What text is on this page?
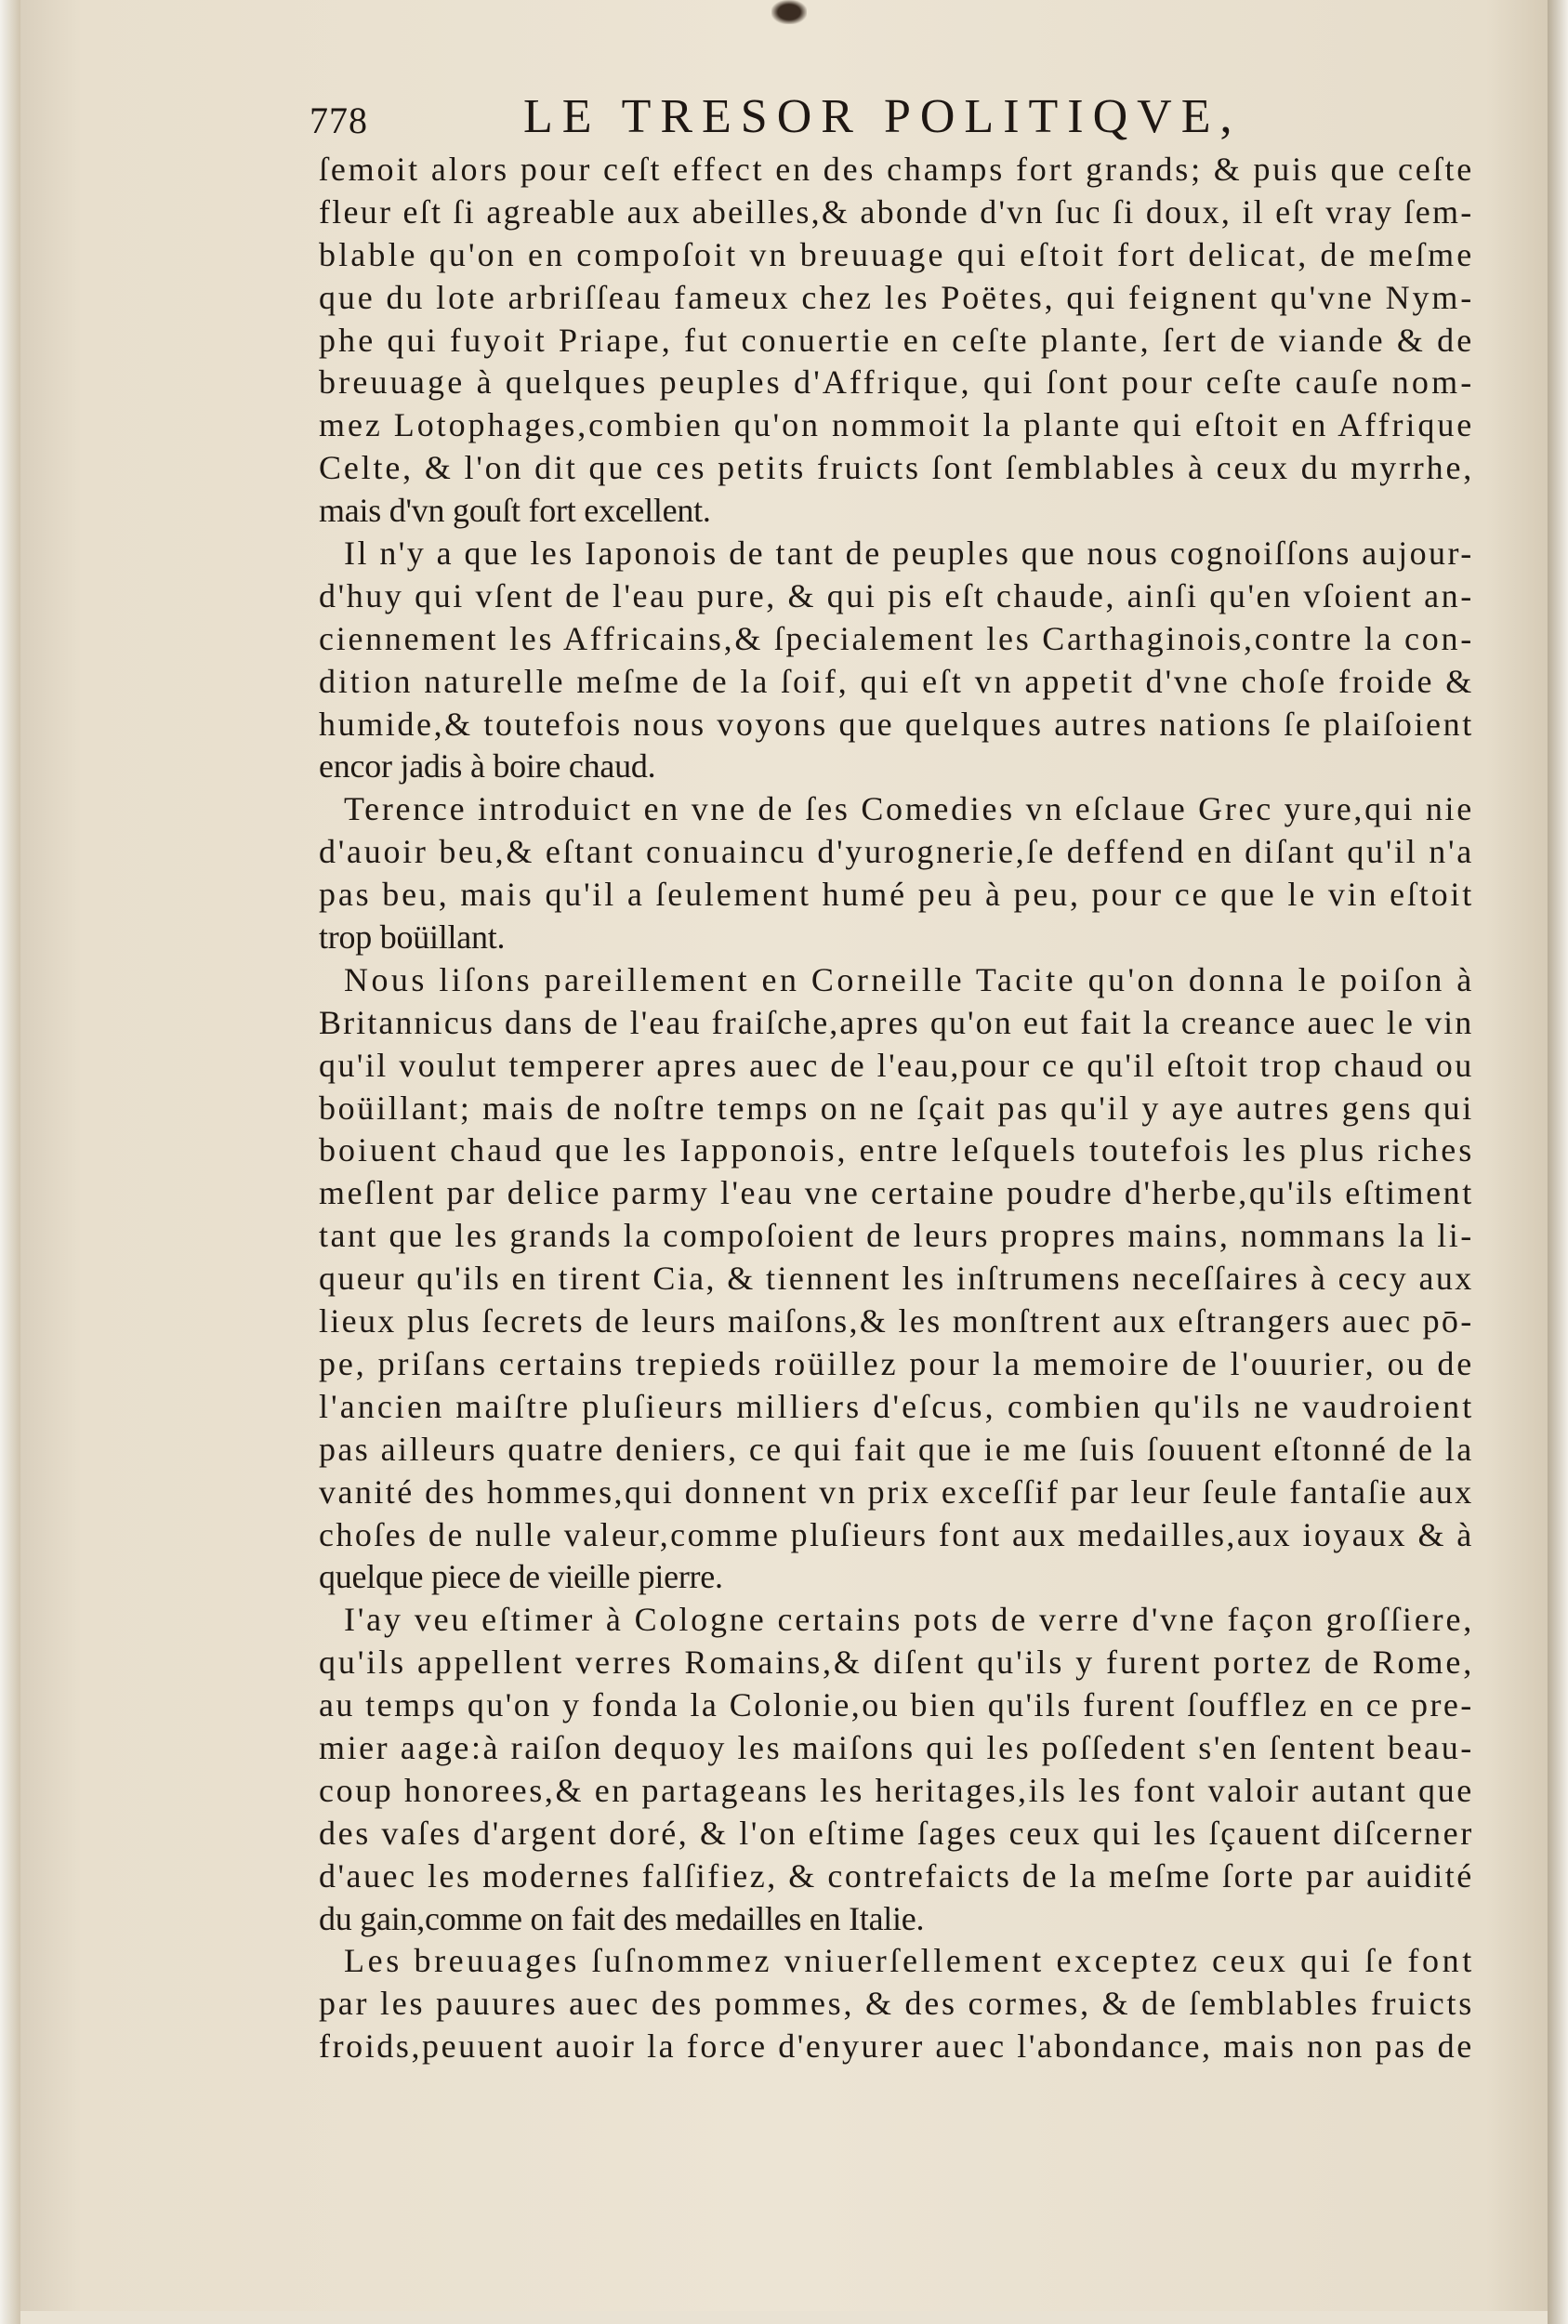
778	LE TRESOR POLITIQVE,
ſemoit alors pour ceſt effect en des champs fort grands; & puis que ceſte
fleur eſt ſi agreable aux abeilles,& abonde d'vn ſuc ſi doux, il eſt vray ſem-
blable qu'on en compoſoit vn breuuage qui eſtoit fort delicat, de meſme
que du lote arbriſſeau fameux chez les Poëtes, qui feignent qu'vne Nym-
phe qui fuyoit Priape, fut conuertie en ceſte plante, ſert de viande & de
breuuage à quelques peuples d'Affrique, qui ſont pour ceſte cauſe nom-
mez Lotophages,combien qu'on nommoit la plante qui eſtoit en Affrique
Celte, & l'on dit que ces petits fruicts ſont ſemblables à ceux du myrrhe,
mais d'vn gouſt fort excellent.
Il n'y a que les Iaponois de tant de peuples que nous cognoiſſons aujour-
d'huy qui vſent de l'eau pure, & qui pis eſt chaude, ainſi qu'en vſoient an-
ciennement les Affricains,& ſpecialement les Carthaginois,contre la con-
dition naturelle meſme de la ſoif, qui eſt vn appetit d'vne choſe froide &
humide,& toutefois nous voyons que quelques autres nations ſe plaiſoient
encor jadis à boire chaud.
Terence introduict en vne de ſes Comedies vn eſclaue Grec yure,qui nie
d'auoir beu,& eſtant conuaincu d'yurognerie,ſe deffend en diſant qu'il n'a
pas beu, mais qu'il a ſeulement humé peu à peu, pour ce que le vin eſtoit
trop boüillant.
Nous liſons pareillement en Corneille Tacite qu'on donna le poiſon à
Britannicus dans de l'eau fraiſche,apres qu'on eut fait la creance auec le vin
qu'il voulut temperer apres auec de l'eau,pour ce qu'il eſtoit trop chaud ou
boüillant; mais de noſtre temps on ne ſçait pas qu'il y aye autres gens qui
boiuent chaud que les Iapponois, entre leſquels toutefois les plus riches
meſlent par delice parmy l'eau vne certaine poudre d'herbe,qu'ils eſtiment
tant que les grands la compoſoient de leurs propres mains, nommans la li-
queur qu'ils en tirent Cia, & tiennent les inſtrumens neceſſaires à cecy aux
lieux plus ſecrets de leurs maiſons,& les monſtrent aux eſtrangers auec pō-
pe, priſans certains trepieds roüillez pour la memoire de l'ouurier, ou de
l'ancien maiſtre pluſieurs milliers d'eſcus, combien qu'ils ne vaudroient
pas ailleurs quatre deniers, ce qui fait que ie me ſuis ſouuent eſtonné de la
vanité des hommes,qui donnent vn prix exceſſif par leur ſeule fantaſie aux
choſes de nulle valeur,comme pluſieurs font aux medailles,aux ioyaux & à
quelque piece de vieille pierre.
I'ay veu eſtimer à Cologne certains pots de verre d'vne façon groſſiere,
qu'ils appellent verres Romains,& diſent qu'ils y furent portez de Rome,
au temps qu'on y fonda la Colonie,ou bien qu'ils furent ſoufflez en ce pre-
mier aage:à raiſon dequoy les maiſons qui les poſſedent s'en ſentent beau-
coup honorees,& en partageans les heritages,ils les font valoir autant que
des vaſes d'argent doré, & l'on eſtime ſages ceux qui les ſçauent diſcerner
d'auec les modernes falſifiez, & contrefaicts de la meſme ſorte par auidité
du gain,comme on fait des medailles en Italie.
Les breuuages ſuſnommez vniuerſellement exceptez ceux qui ſe font
par les pauures auec des pommes, & des cormes, & de ſemblables fruicts
froids,peuuent auoir la force d'enyurer auec l'abondance, mais non pas de
